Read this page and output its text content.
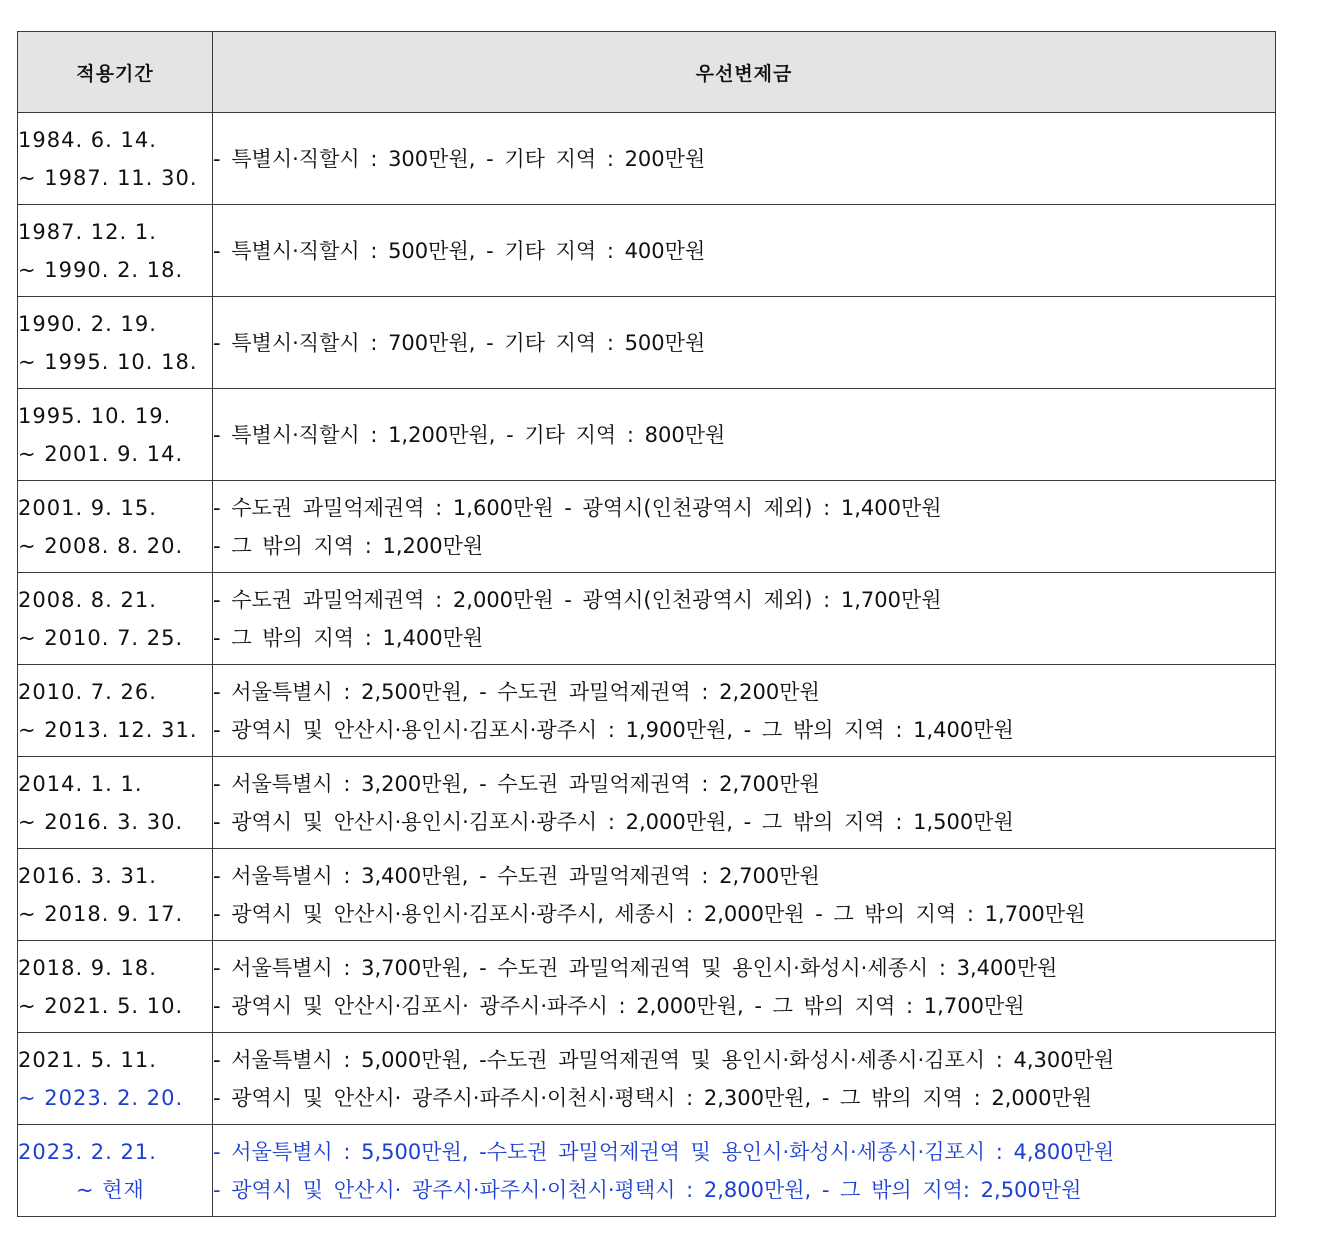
적용기간	우선변제금

1984. 6. 14.
~ 1987. 11. 30.	- 특별시·직할시 : 300만원, - 기타 지역 : 200만원

1987. 12. 1.
~ 1990. 2. 18.	- 특별시·직할시 : 500만원, - 기타 지역 : 400만원

1990. 2. 19.
~ 1995. 10. 18.	- 특별시·직할시 : 700만원, - 기타 지역 : 500만원

1995. 10. 19.
~ 2001. 9. 14.	- 특별시·직할시 : 1,200만원, - 기타 지역 : 800만원

2001. 9. 15.
~ 2008. 8. 20.	- 수도권 과밀억제권역 : 1,600만원 - 광역시(인천광역시 제외) : 1,400만원
- 그 밖의 지역 : 1,200만원

2008. 8. 21.
~ 2010. 7. 25.	- 수도권 과밀억제권역 : 2,000만원 - 광역시(인천광역시 제외) : 1,700만원
- 그 밖의 지역 : 1,400만원

2010. 7. 26.
~ 2013. 12. 31.	- 서울특별시 : 2,500만원, - 수도권 과밀억제권역 : 2,200만원
- 광역시 및 안산시·용인시·김포시·광주시 : 1,900만원, - 그 밖의 지역 : 1,400만원

2014. 1. 1.
~ 2016. 3. 30.	- 서울특별시 : 3,200만원, - 수도권 과밀억제권역 : 2,700만원
- 광역시 및 안산시·용인시·김포시·광주시 : 2,000만원, - 그 밖의 지역 : 1,500만원

2016. 3. 31.
~ 2018. 9. 17.	- 서울특별시 : 3,400만원, - 수도권 과밀억제권역 : 2,700만원
- 광역시 및 안산시·용인시·김포시·광주시, 세종시 : 2,000만원 - 그 밖의 지역 : 1,700만원

2018. 9. 18.
~ 2021. 5. 10.	- 서울특별시 : 3,700만원, - 수도권 과밀억제권역 및 용인시·화성시·세종시 : 3,400만원
- 광역시 및 안산시·김포시· 광주시·파주시 : 2,000만원, - 그 밖의 지역 : 1,700만원

2021. 5. 11.
~ 2023. 2. 20.	- 서울특별시 : 5,000만원, -수도권 과밀억제권역 및 용인시·화성시·세종시·김포시 : 4,300만원
- 광역시 및 안산시· 광주시·파주시·이천시·평택시 : 2,300만원, - 그 밖의 지역 : 2,000만원

2023. 2. 21.
~ 현재	- 서울특별시 : 5,500만원, -수도권 과밀억제권역 및 용인시·화성시·세종시·김포시 : 4,800만원
- 광역시 및 안산시· 광주시·파주시·이천시·평택시 : 2,800만원, - 그 밖의 지역: 2,500만원
